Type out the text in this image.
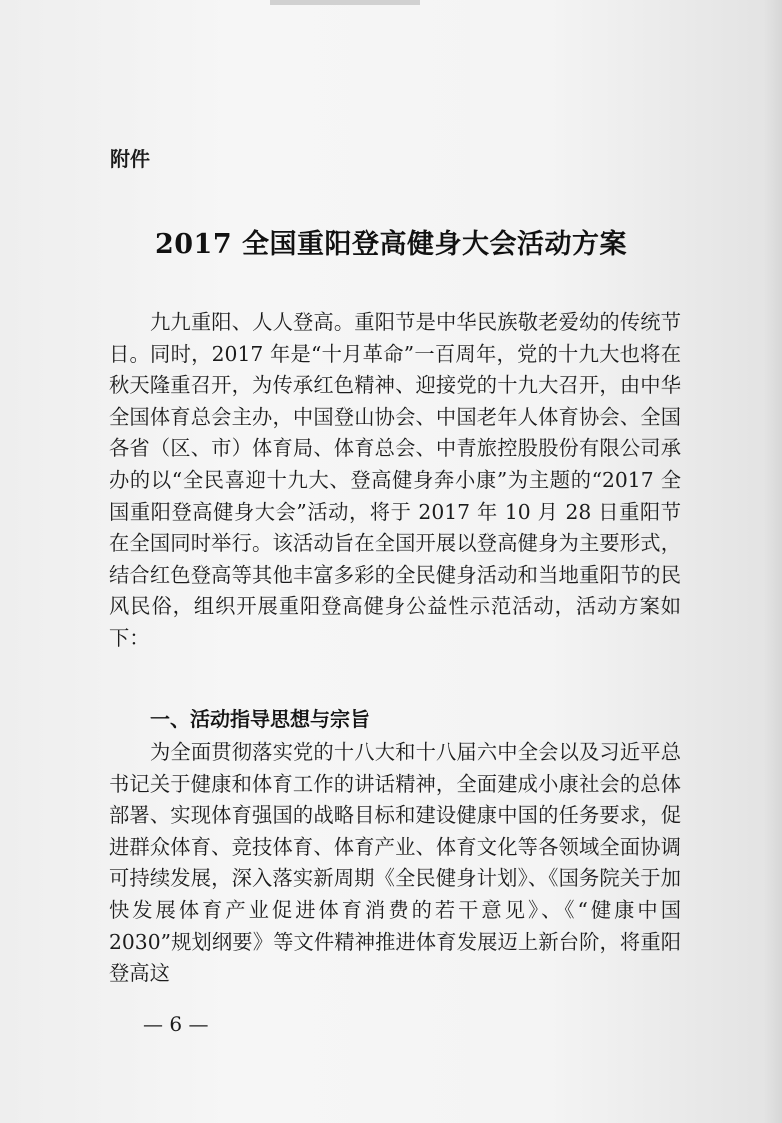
附件

2017 全国重阳登高健身大会活动方案

九九重阳、人人登高。重阳节是中华民族敬老爱幼的传统节日。同时，2017 年是“十月革命”一百周年，党的十九大也将在秋天隆重召开，为传承红色精神、迎接党的十九大召开，由中华全国体育总会主办，中国登山协会、中国老年人体育协会、全国各省（区、市）体育局、体育总会、中青旅控股股份有限公司承办的以“全民喜迎十九大、登高健身奔小康”为主题的“2017 全国重阳登高健身大会”活动，将于 2017 年 10 月 28 日重阳节在全国同时举行。该活动旨在全国开展以登高健身为主要形式，结合红色登高等其他丰富多彩的全民健身活动和当地重阳节的民风民俗，组织开展重阳登高健身公益性示范活动，活动方案如下：

一、活动指导思想与宗旨

为全面贯彻落实党的十八大和十八届六中全会以及习近平总书记关于健康和体育工作的讲话精神，全面建成小康社会的总体部署、实现体育强国的战略目标和建设健康中国的任务要求，促进群众体育、竞技体育、体育产业、体育文化等各领域全面协调可持续发展，深入落实新周期《全民健身计划》、《国务院关于加快发展体育产业促进体育消费的若干意见》、《“健康中国 2030”规划纲要》等文件精神推进体育发展迈上新台阶，将重阳登高这

— 6 —
